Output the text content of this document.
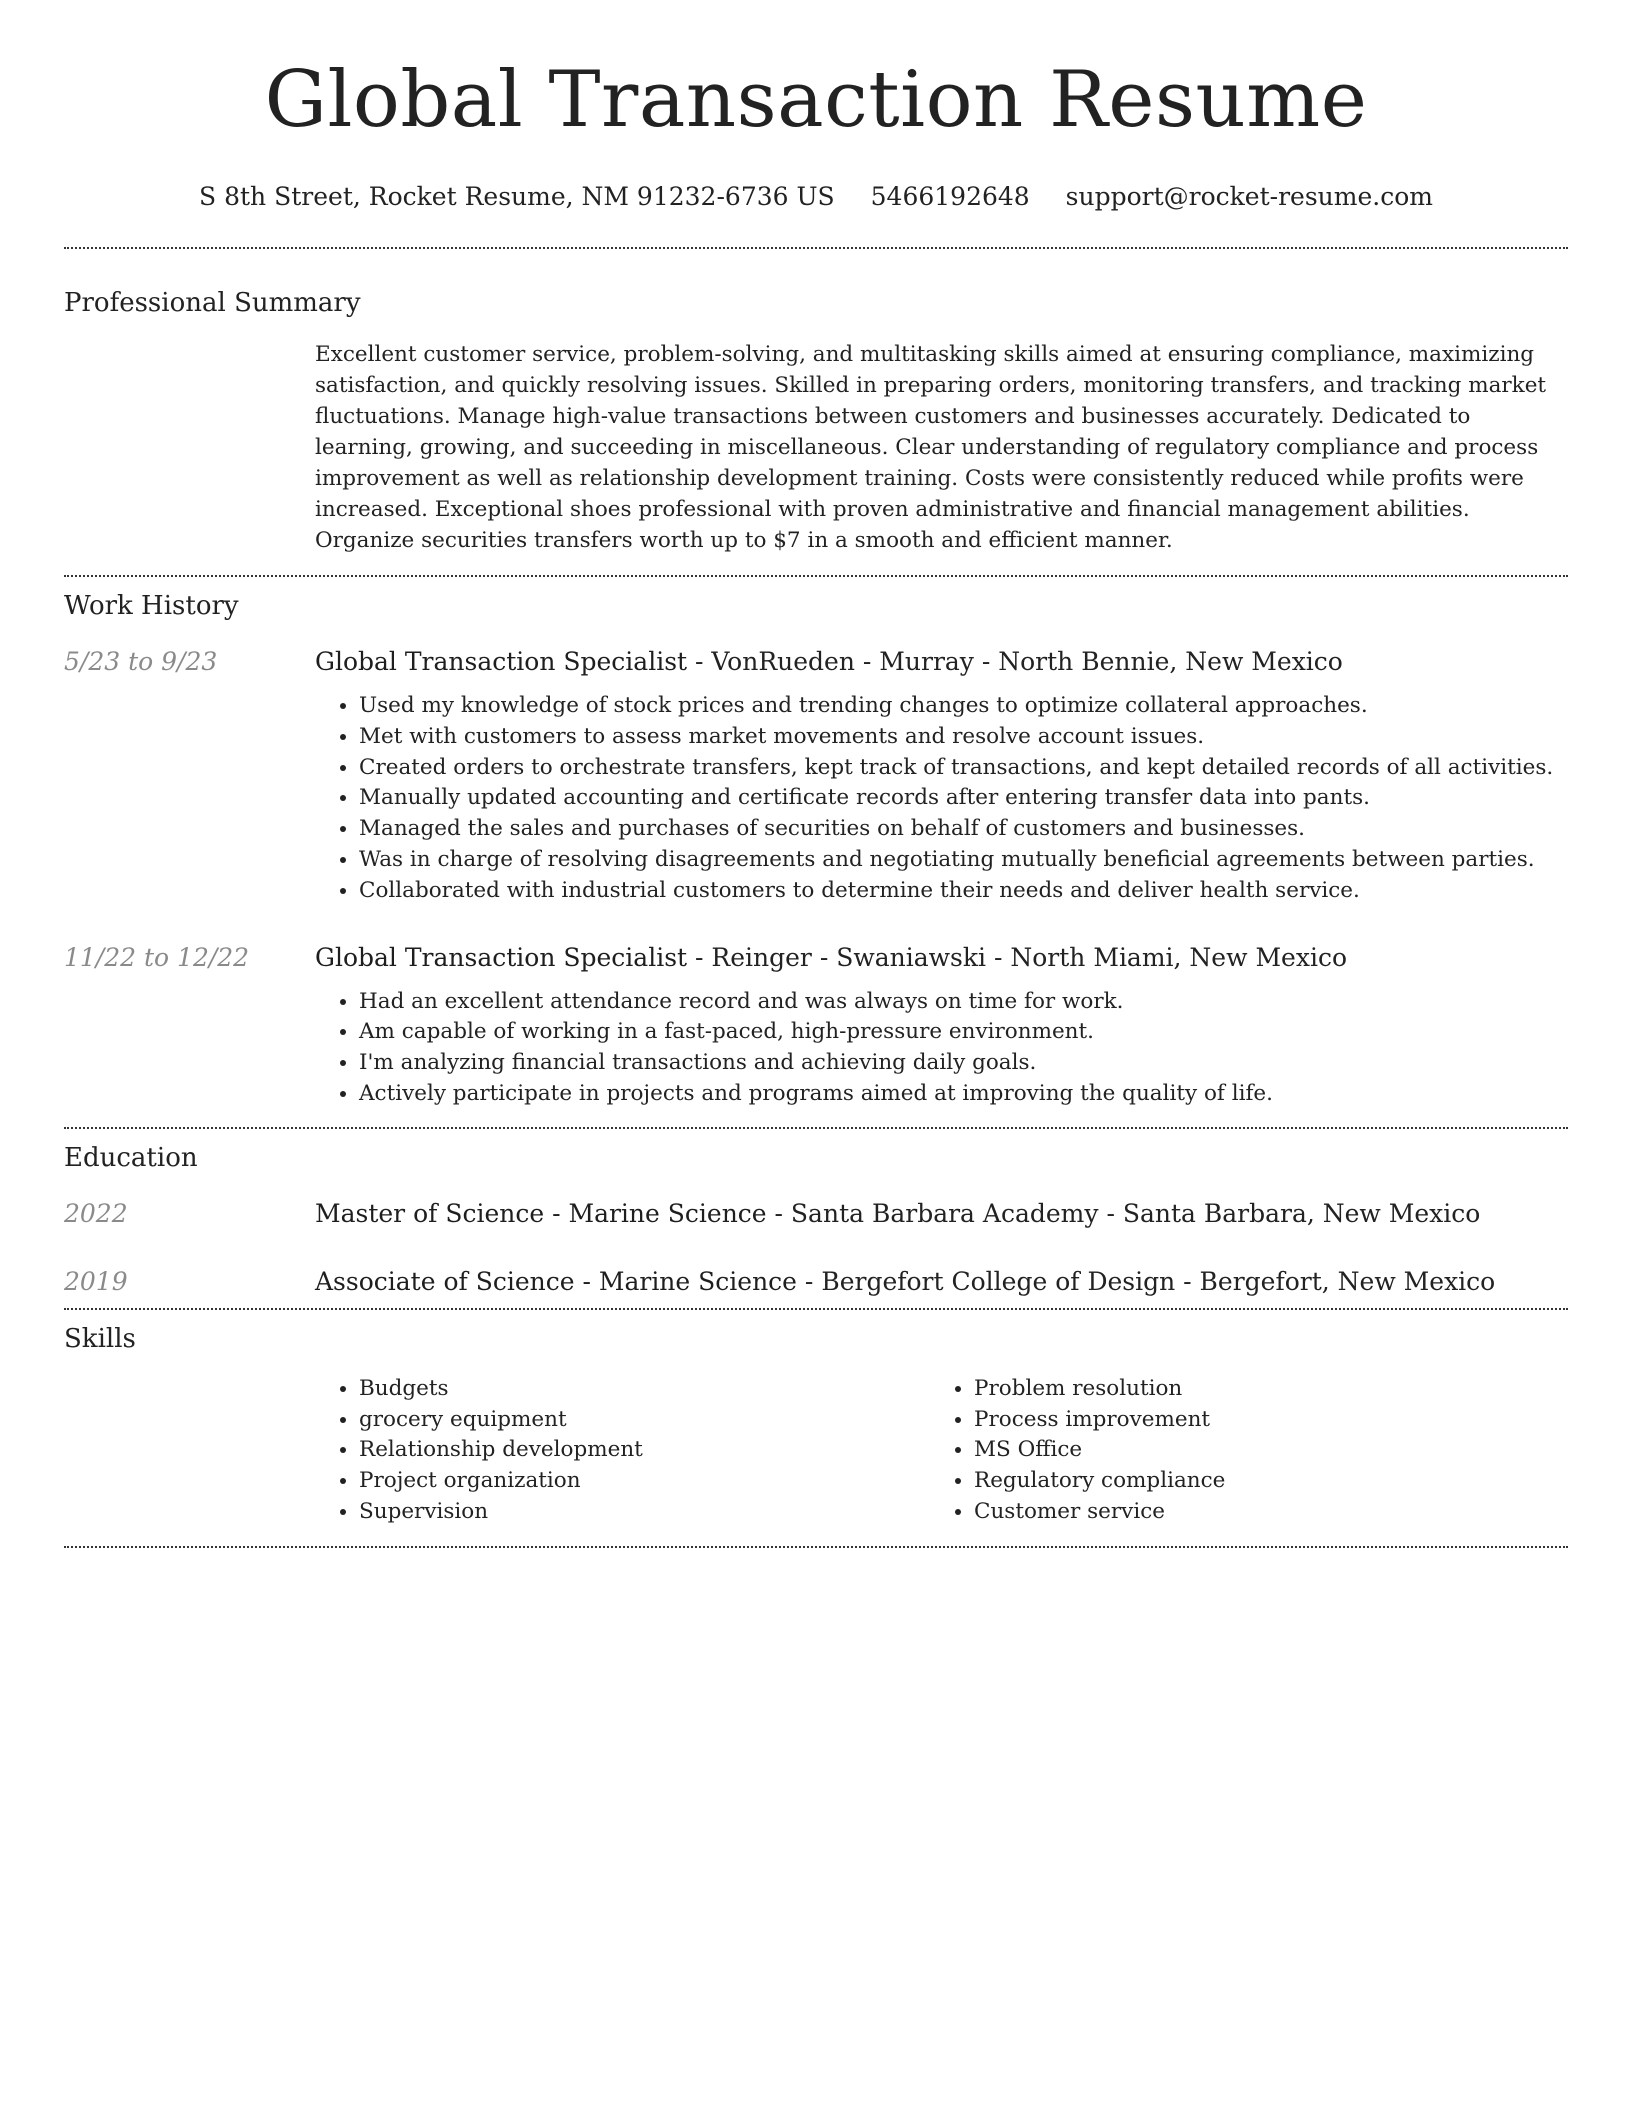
Global Transaction Resume
S 8th Street, Rocket Resume, NM 91232-6736 US 5466192648 support@rocket-resume.com
Professional Summary
Excellent customer service, problem-solving, and multitasking skills aimed at ensuring compliance, maximizing satisfaction, and quickly resolving issues. Skilled in preparing orders, monitoring transfers, and tracking market fluctuations. Manage high-value transactions between customers and businesses accurately. Dedicated to learning, growing, and succeeding in miscellaneous. Clear understanding of regulatory compliance and process improvement as well as relationship development training. Costs were consistently reduced while profits were increased. Exceptional shoes professional with proven administrative and financial management abilities. Organize securities transfers worth up to $7 in a smooth and efficient manner.
Work History
5/23 to 9/23	Global Transaction Specialist - VonRueden - Murray - North Bennie, New Mexico
• Used my knowledge of stock prices and trending changes to optimize collateral approaches.
• Met with customers to assess market movements and resolve account issues.
• Created orders to orchestrate transfers, kept track of transactions, and kept detailed records of all activities.
• Manually updated accounting and certificate records after entering transfer data into pants.
• Managed the sales and purchases of securities on behalf of customers and businesses.
• Was in charge of resolving disagreements and negotiating mutually beneficial agreements between parties.
• Collaborated with industrial customers to determine their needs and deliver health service.
11/22 to 12/22	Global Transaction Specialist - Reinger - Swaniawski - North Miami, New Mexico
• Had an excellent attendance record and was always on time for work.
• Am capable of working in a fast-paced, high-pressure environment.
• I'm analyzing financial transactions and achieving daily goals.
• Actively participate in projects and programs aimed at improving the quality of life.
Education
2022	Master of Science - Marine Science - Santa Barbara Academy - Santa Barbara, New Mexico
2019	Associate of Science - Marine Science - Bergefort College of Design - Bergefort, New Mexico
Skills
• Budgets
• grocery equipment
• Relationship development
• Project organization
• Supervision
• Problem resolution
• Process improvement
• MS Office
• Regulatory compliance
• Customer service
